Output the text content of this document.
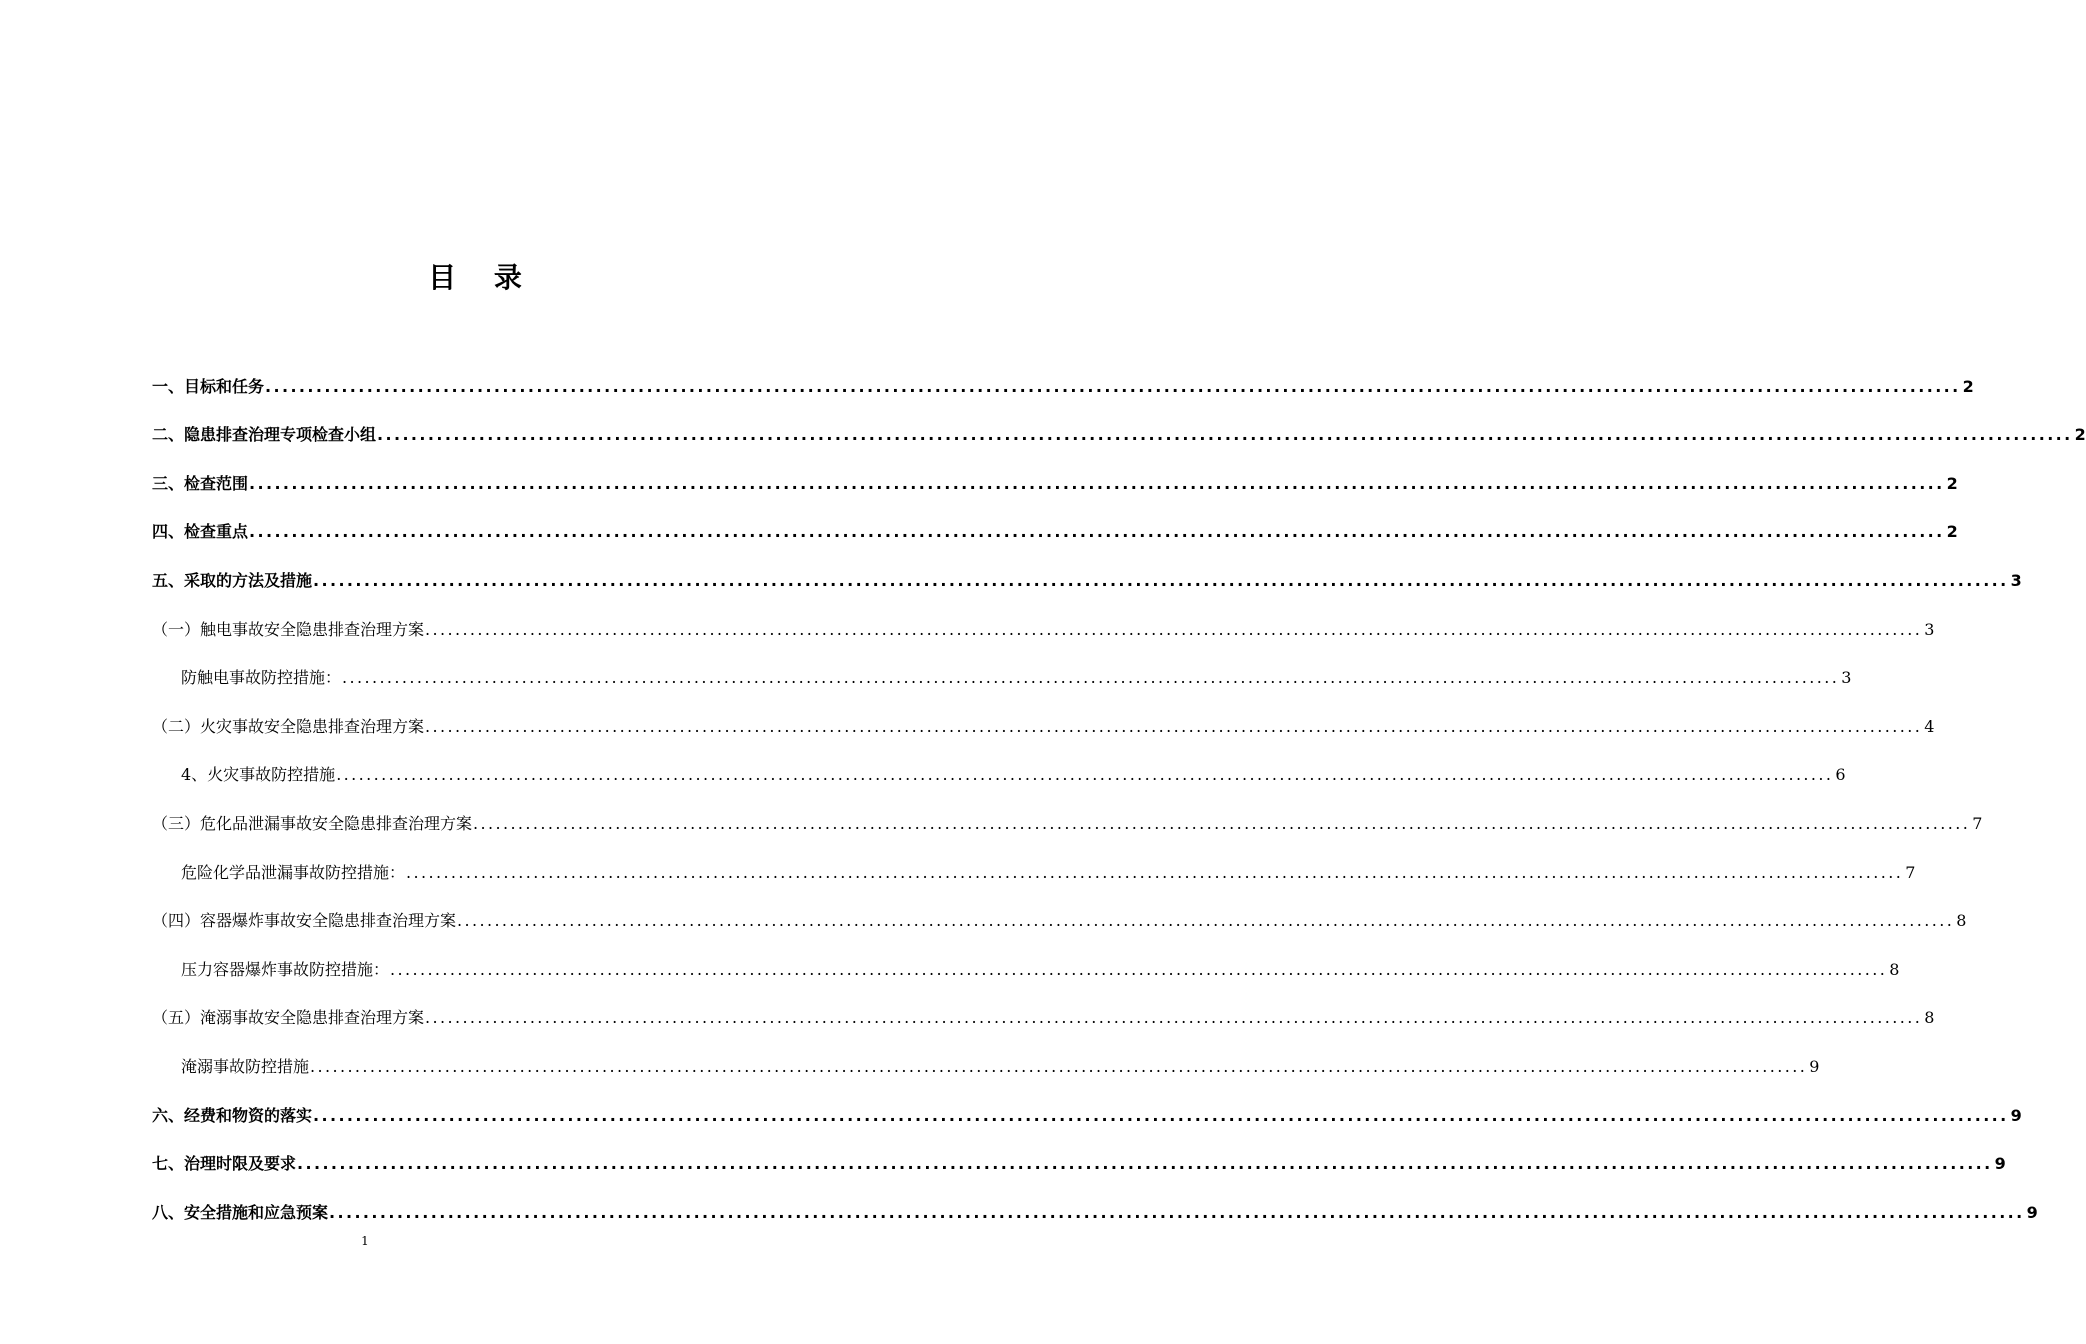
目 录
一、目标和任务 ........................................................................................................................................................................................................ 2
二、隐患排查治理专项检查小组 ........................................................................................................................................................................................................ 2
三、检查范围 ........................................................................................................................................................................................................ 2
四、检查重点 ........................................................................................................................................................................................................ 2
五、采取的方法及措施 ........................................................................................................................................................................................................ 3
（一）触电事故安全隐患排查治理方案 ........................................................................................................................................................................................................ 3
防触电事故防控措施： ........................................................................................................................................................................................................ 3
（二）火灾事故安全隐患排查治理方案 ........................................................................................................................................................................................................ 4
4、火灾事故防控措施 ........................................................................................................................................................................................................ 6
（三）危化品泄漏事故安全隐患排查治理方案 ........................................................................................................................................................................................................ 7
危险化学品泄漏事故防控措施： ........................................................................................................................................................................................................ 7
（四）容器爆炸事故安全隐患排查治理方案 ........................................................................................................................................................................................................ 8
压力容器爆炸事故防控措施： ........................................................................................................................................................................................................ 8
（五）淹溺事故安全隐患排查治理方案 ........................................................................................................................................................................................................ 8
淹溺事故防控措施 ........................................................................................................................................................................................................ 9
六、经费和物资的落实 ........................................................................................................................................................................................................ 9
七、治理时限及要求 ........................................................................................................................................................................................................ 9
八、安全措施和应急预案 ........................................................................................................................................................................................................ 9
1
